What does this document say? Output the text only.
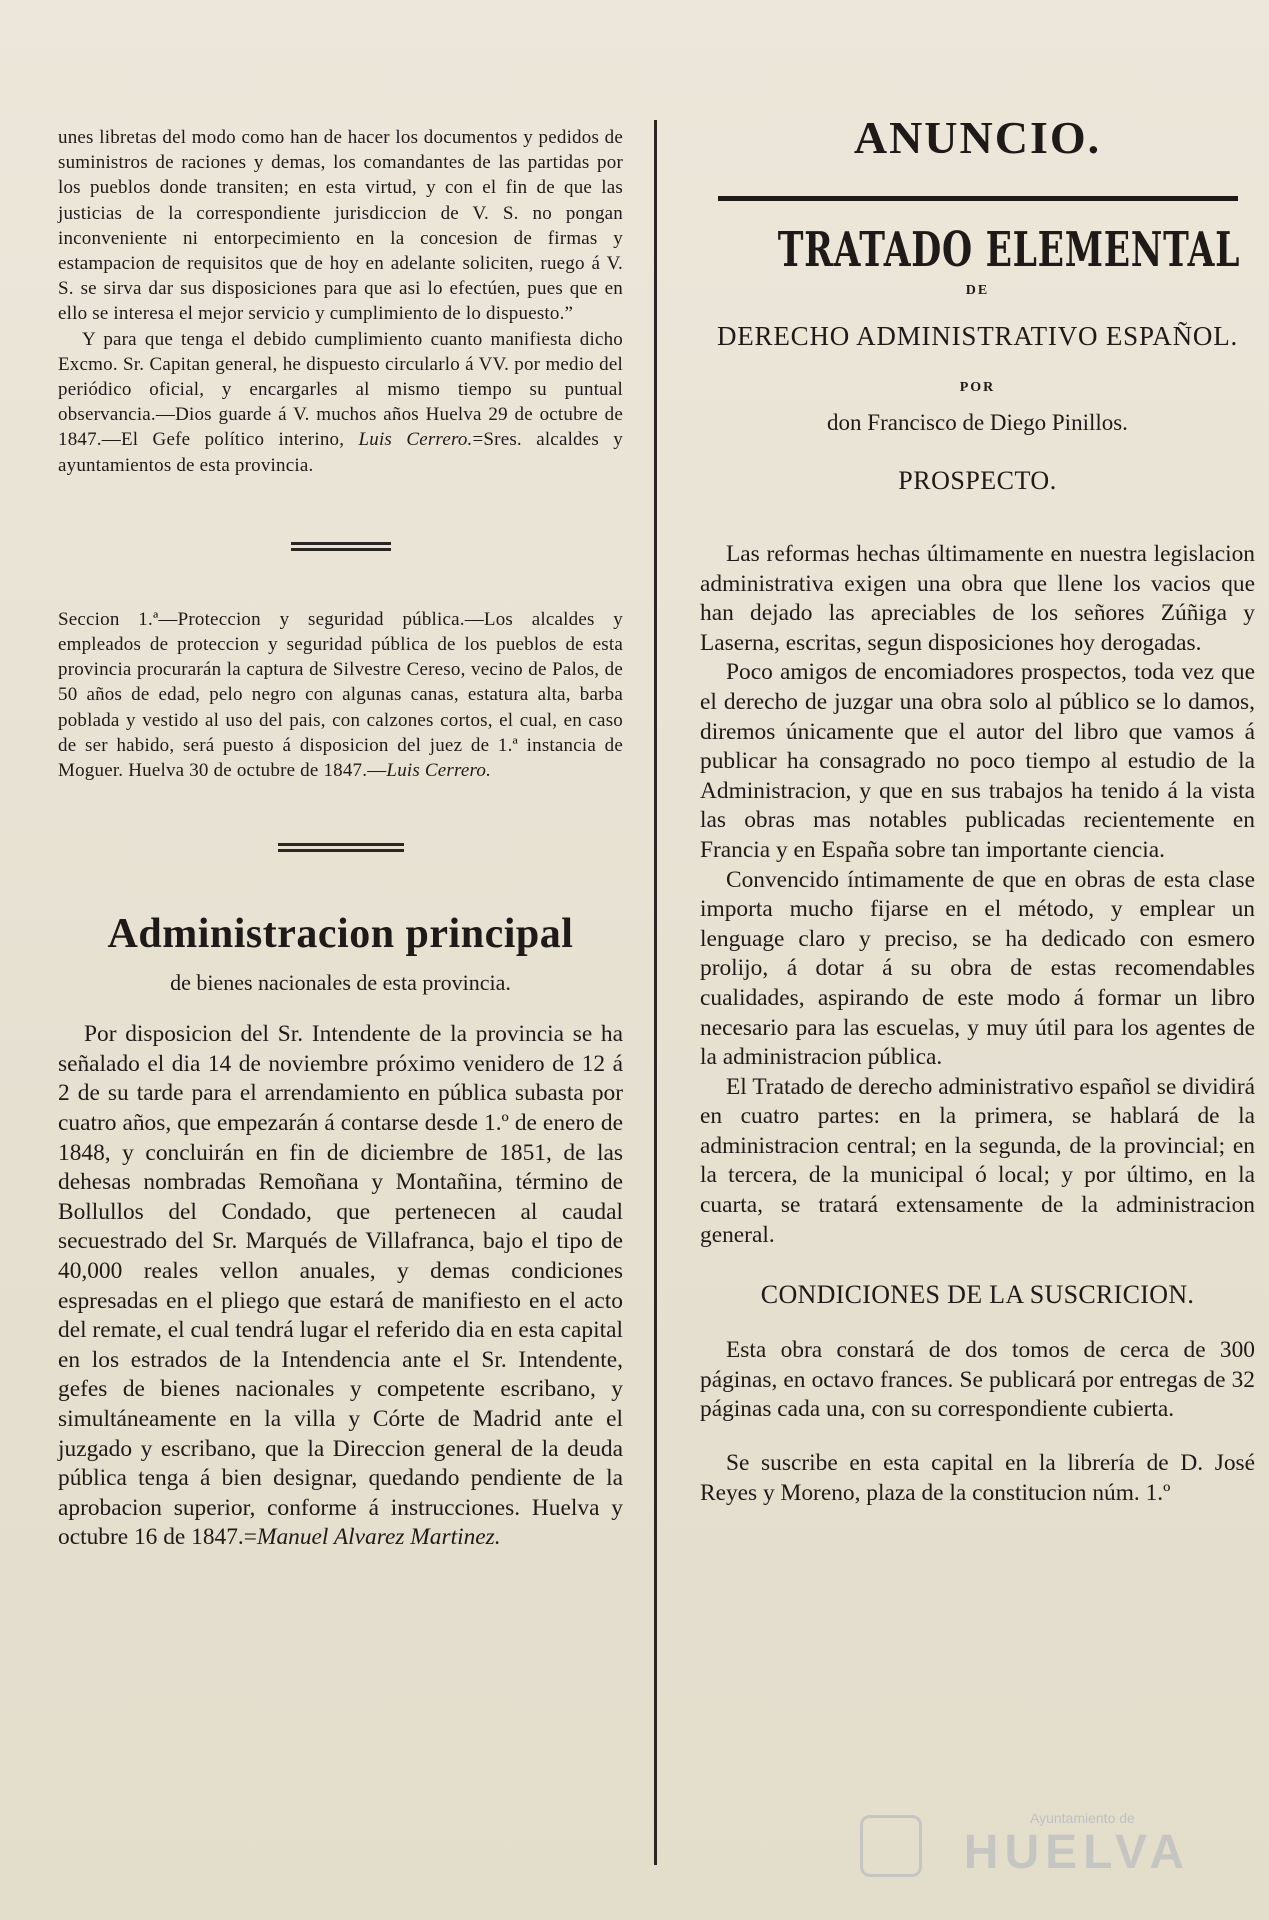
unes libretas del modo como han de hacer los documentos y pedidos de suministros de raciones y demas, los comandantes de las partidas por los pueblos donde transiten; en esta virtud, y con el fin de que las justicias de la correspondiente jurisdiccion de V. S. no pongan inconveniente ni entorpecimiento en la concesion de firmas y estampacion de requisitos que de hoy en adelante soliciten, ruego á V. S. se sirva dar sus disposiciones para que asi lo efectúen, pues que en ello se interesa el mejor servicio y cumplimiento de lo dispuesto.”

Y para que tenga el debido cumplimiento cuanto manifiesta dicho Excmo. Sr. Capitan general, he dispuesto circularlo á VV. por medio del periódico oficial, y encargarles al mismo tiempo su puntual observancia.—Dios guarde á V. muchos años Huelva 29 de octubre de 1847.—El Gefe político interino, Luis Cerrero.=Sres. alcaldes y ayuntamientos de esta provincia.

Seccion 1.ª—Proteccion y seguridad pública.—Los alcaldes y empleados de proteccion y seguridad pública de los pueblos de esta provincia procurarán la captura de Silvestre Cereso, vecino de Palos, de 50 años de edad, pelo negro con algunas canas, estatura alta, barba poblada y vestido al uso del pais, con calzones cortos, el cual, en caso de ser habido, será puesto á disposicion del juez de 1.ª instancia de Moguer. Huelva 30 de octubre de 1847.—Luis Cerrero.

Administracion principal
de bienes nacionales de esta provincia.

Por disposicion del Sr. Intendente de la provincia se ha señalado el dia 14 de noviembre próximo venidero de 12 á 2 de su tarde para el arrendamiento en pública subasta por cuatro años, que empezarán á contarse desde 1.º de enero de 1848, y concluirán en fin de diciembre de 1851, de las dehesas nombradas Remoñana y Montañina, término de Bollullos del Condado, que pertenecen al caudal secuestrado del Sr. Marqués de Villafranca, bajo el tipo de 40,000 reales vellon anuales, y demas condiciones espresadas en el pliego que estará de manifiesto en el acto del remate, el cual tendrá lugar el referido dia en esta capital en los estrados de la Intendencia ante el Sr. Intendente, gefes de bienes nacionales y competente escribano, y simultáneamente en la villa y Córte de Madrid ante el juzgado y escribano, que la Direccion general de la deuda pública tenga á bien designar, quedando pendiente de la aprobacion superior, conforme á instrucciones. Huelva y octubre 16 de 1847.=Manuel Alvarez Martinez.

ANUNCIO.
TRATADO ELEMENTAL
DE
DERECHO ADMINISTRATIVO ESPAÑOL.
POR
don Francisco de Diego Pinillos.
PROSPECTO.

Las reformas hechas últimamente en nuestra legislacion administrativa exigen una obra que llene los vacios que han dejado las apreciables de los señores Zúñiga y Laserna, escritas, segun disposiciones hoy derogadas.

Poco amigos de encomiadores prospectos, toda vez que el derecho de juzgar una obra solo al público se lo damos, diremos únicamente que el autor del libro que vamos á publicar ha consagrado no poco tiempo al estudio de la Administracion, y que en sus trabajos ha tenido á la vista las obras mas notables publicadas recientemente en Francia y en España sobre tan importante ciencia.

Convencido íntimamente de que en obras de esta clase importa mucho fijarse en el método, y emplear un lenguage claro y preciso, se ha dedicado con esmero prolijo, á dotar á su obra de estas recomendables cualidades, aspirando de este modo á formar un libro necesario para las escuelas, y muy útil para los agentes de la administracion pública.

El Tratado de derecho administrativo español se dividirá en cuatro partes: en la primera, se hablará de la administracion central; en la segunda, de la provincial; en la tercera, de la municipal ó local; y por último, en la cuarta, se tratará extensamente de la administracion general.

CONDICIONES DE LA SUSCRICION.

Esta obra constará de dos tomos de cerca de 300 páginas, en octavo frances. Se publicará por entregas de 32 páginas cada una, con su correspondiente cubierta.

Se suscribe en esta capital en la librería de D. José Reyes y Moreno, plaza de la constitucion núm. 1.º

Ayuntamiento de
HUELVA
